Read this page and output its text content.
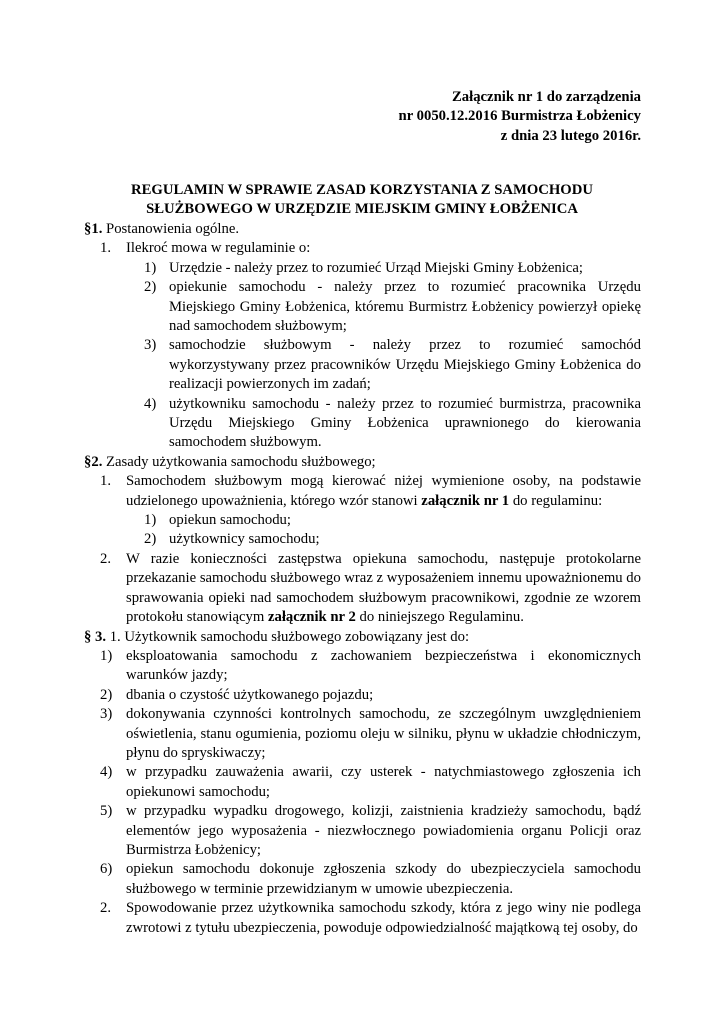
Załącznik nr 1 do zarządzenia
nr 0050.12.2016 Burmistrza Łobżenicy
z dnia 23 lutego 2016r.
REGULAMIN W SPRAWIE ZASAD KORZYSTANIA Z SAMOCHODU
SŁUŻBOWEGO W URZĘDZIE MIEJSKIM GMINY ŁOBŻENICA
§1. Postanowienia ogólne.
1. Ilekroć mowa w regulaminie o:

1) Urzędzie - należy przez to rozumieć Urząd Miejski Gminy Łobżenica;

2) opiekunie samochodu - należy przez to rozumieć pracownika Urzędu Miejskiego Gminy Łobżenica, któremu Burmistrz Łobżenicy powierzył opiekę nad samochodem służbowym;

3) samochodzie służbowym - należy przez to rozumieć samochód wykorzystywany przez pracowników Urzędu Miejskiego Gminy Łobżenica do realizacji powierzonych im zadań;

4) użytkowniku samochodu - należy przez to rozumieć burmistrza, pracownika Urzędu Miejskiego Gminy Łobżenica uprawnionego do kierowania samochodem służbowym.

§2. Zasady użytkowania samochodu służbowego;
1. Samochodem służbowym mogą kierować niżej wymienione osoby, na podstawie udzielonego upoważnienia, którego wzór stanowi załącznik nr 1 do regulaminu:

1) opiekun samochodu;

2) użytkownicy samochodu;

2. W razie konieczności zastępstwa opiekuna samochodu, następuje protokolarne przekazanie samochodu służbowego wraz z wyposażeniem innemu upoważnionemu do sprawowania opieki nad samochodem służbowym pracownikowi, zgodnie ze wzorem protokołu stanowiącym załącznik nr 2 do niniejszego Regulaminu.

§ 3. 1. Użytkownik samochodu służbowego zobowiązany jest do:
1) eksploatowania samochodu z zachowaniem bezpieczeństwa i ekonomicznych warunków jazdy;

2) dbania o czystość użytkowanego pojazdu;

3) dokonywania czynności kontrolnych samochodu, ze szczególnym uwzględnieniem oświetlenia, stanu ogumienia, poziomu oleju w silniku, płynu w układzie chłodniczym, płynu do spryskiwaczy;

4) w przypadku zauważenia awarii, czy usterek - natychmiastowego zgłoszenia ich opiekunowi samochodu;

5) w przypadku wypadku drogowego, kolizji, zaistnienia kradzieży samochodu, bądź elementów jego wyposażenia - niezwłocznego powiadomienia organu Policji oraz Burmistrza Łobżenicy;

6) opiekun samochodu dokonuje zgłoszenia szkody do ubezpieczyciela samochodu służbowego w terminie przewidzianym w umowie ubezpieczenia.

2. Spowodowanie przez użytkownika samochodu szkody, która z jego winy nie podlega zwrotowi z tytułu ubezpieczenia, powoduje odpowiedzialność majątkową tej osoby, do
